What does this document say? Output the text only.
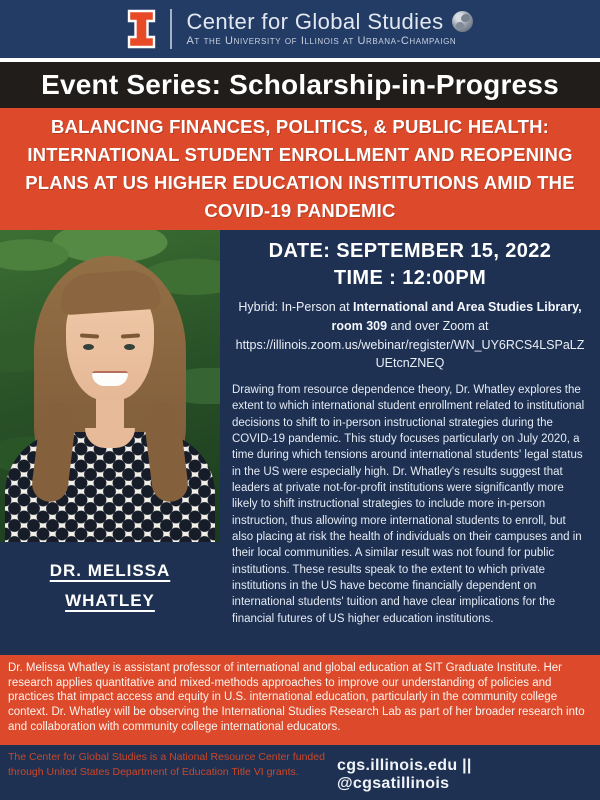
Center for Global Studies
At the University of Illinois at Urbana-Champaign
Event Series: Scholarship-in-Progress
BALANCING FINANCES, POLITICS, & PUBLIC HEALTH: INTERNATIONAL STUDENT ENROLLMENT AND REOPENING PLANS AT US HIGHER EDUCATION INSTITUTIONS AMID THE COVID-19 PANDEMIC
DR. MELISSA WHATLEY
DATE: SEPTEMBER 15, 2022
TIME : 12:00PM
Hybrid: In-Person at International and Area Studies Library, room 309 and over Zoom at
https://illinois.zoom.us/webinar/register/WN_UY6RCS4LSPaLZUEtcnZNEQ
Drawing from resource dependence theory, Dr. Whatley explores the extent to which international student enrollment related to institutional decisions to shift to in-person instructional strategies during the COVID-19 pandemic. This study focuses particularly on July 2020, a time during which tensions around international students' legal status in the US were especially high. Dr. Whatley's results suggest that leaders at private not-for-profit institutions were significantly more likely to shift instructional strategies to include more in-person instruction, thus allowing more international students to enroll, but also placing at risk the health of individuals on their campuses and in their local communities. A similar result was not found for public institutions. These results speak to the extent to which private institutions in the US have become financially dependent on international students' tuition and have clear implications for the financial futures of US higher education institutions.
Dr. Melissa Whatley is assistant professor of international and global education at SIT Graduate Institute. Her research applies quantitative and mixed-methods approaches to improve our understanding of policies and practices that impact access and equity in U.S. international education, particularly in the community college context. Dr. Whatley will be observing the International Studies Research Lab as part of her broader research into and collaboration with community college international educators.
The Center for Global Studies is a National Resource Center funded through United States Department of Education Title VI grants.	cgs.illinois.edu || @cgsatillinois
